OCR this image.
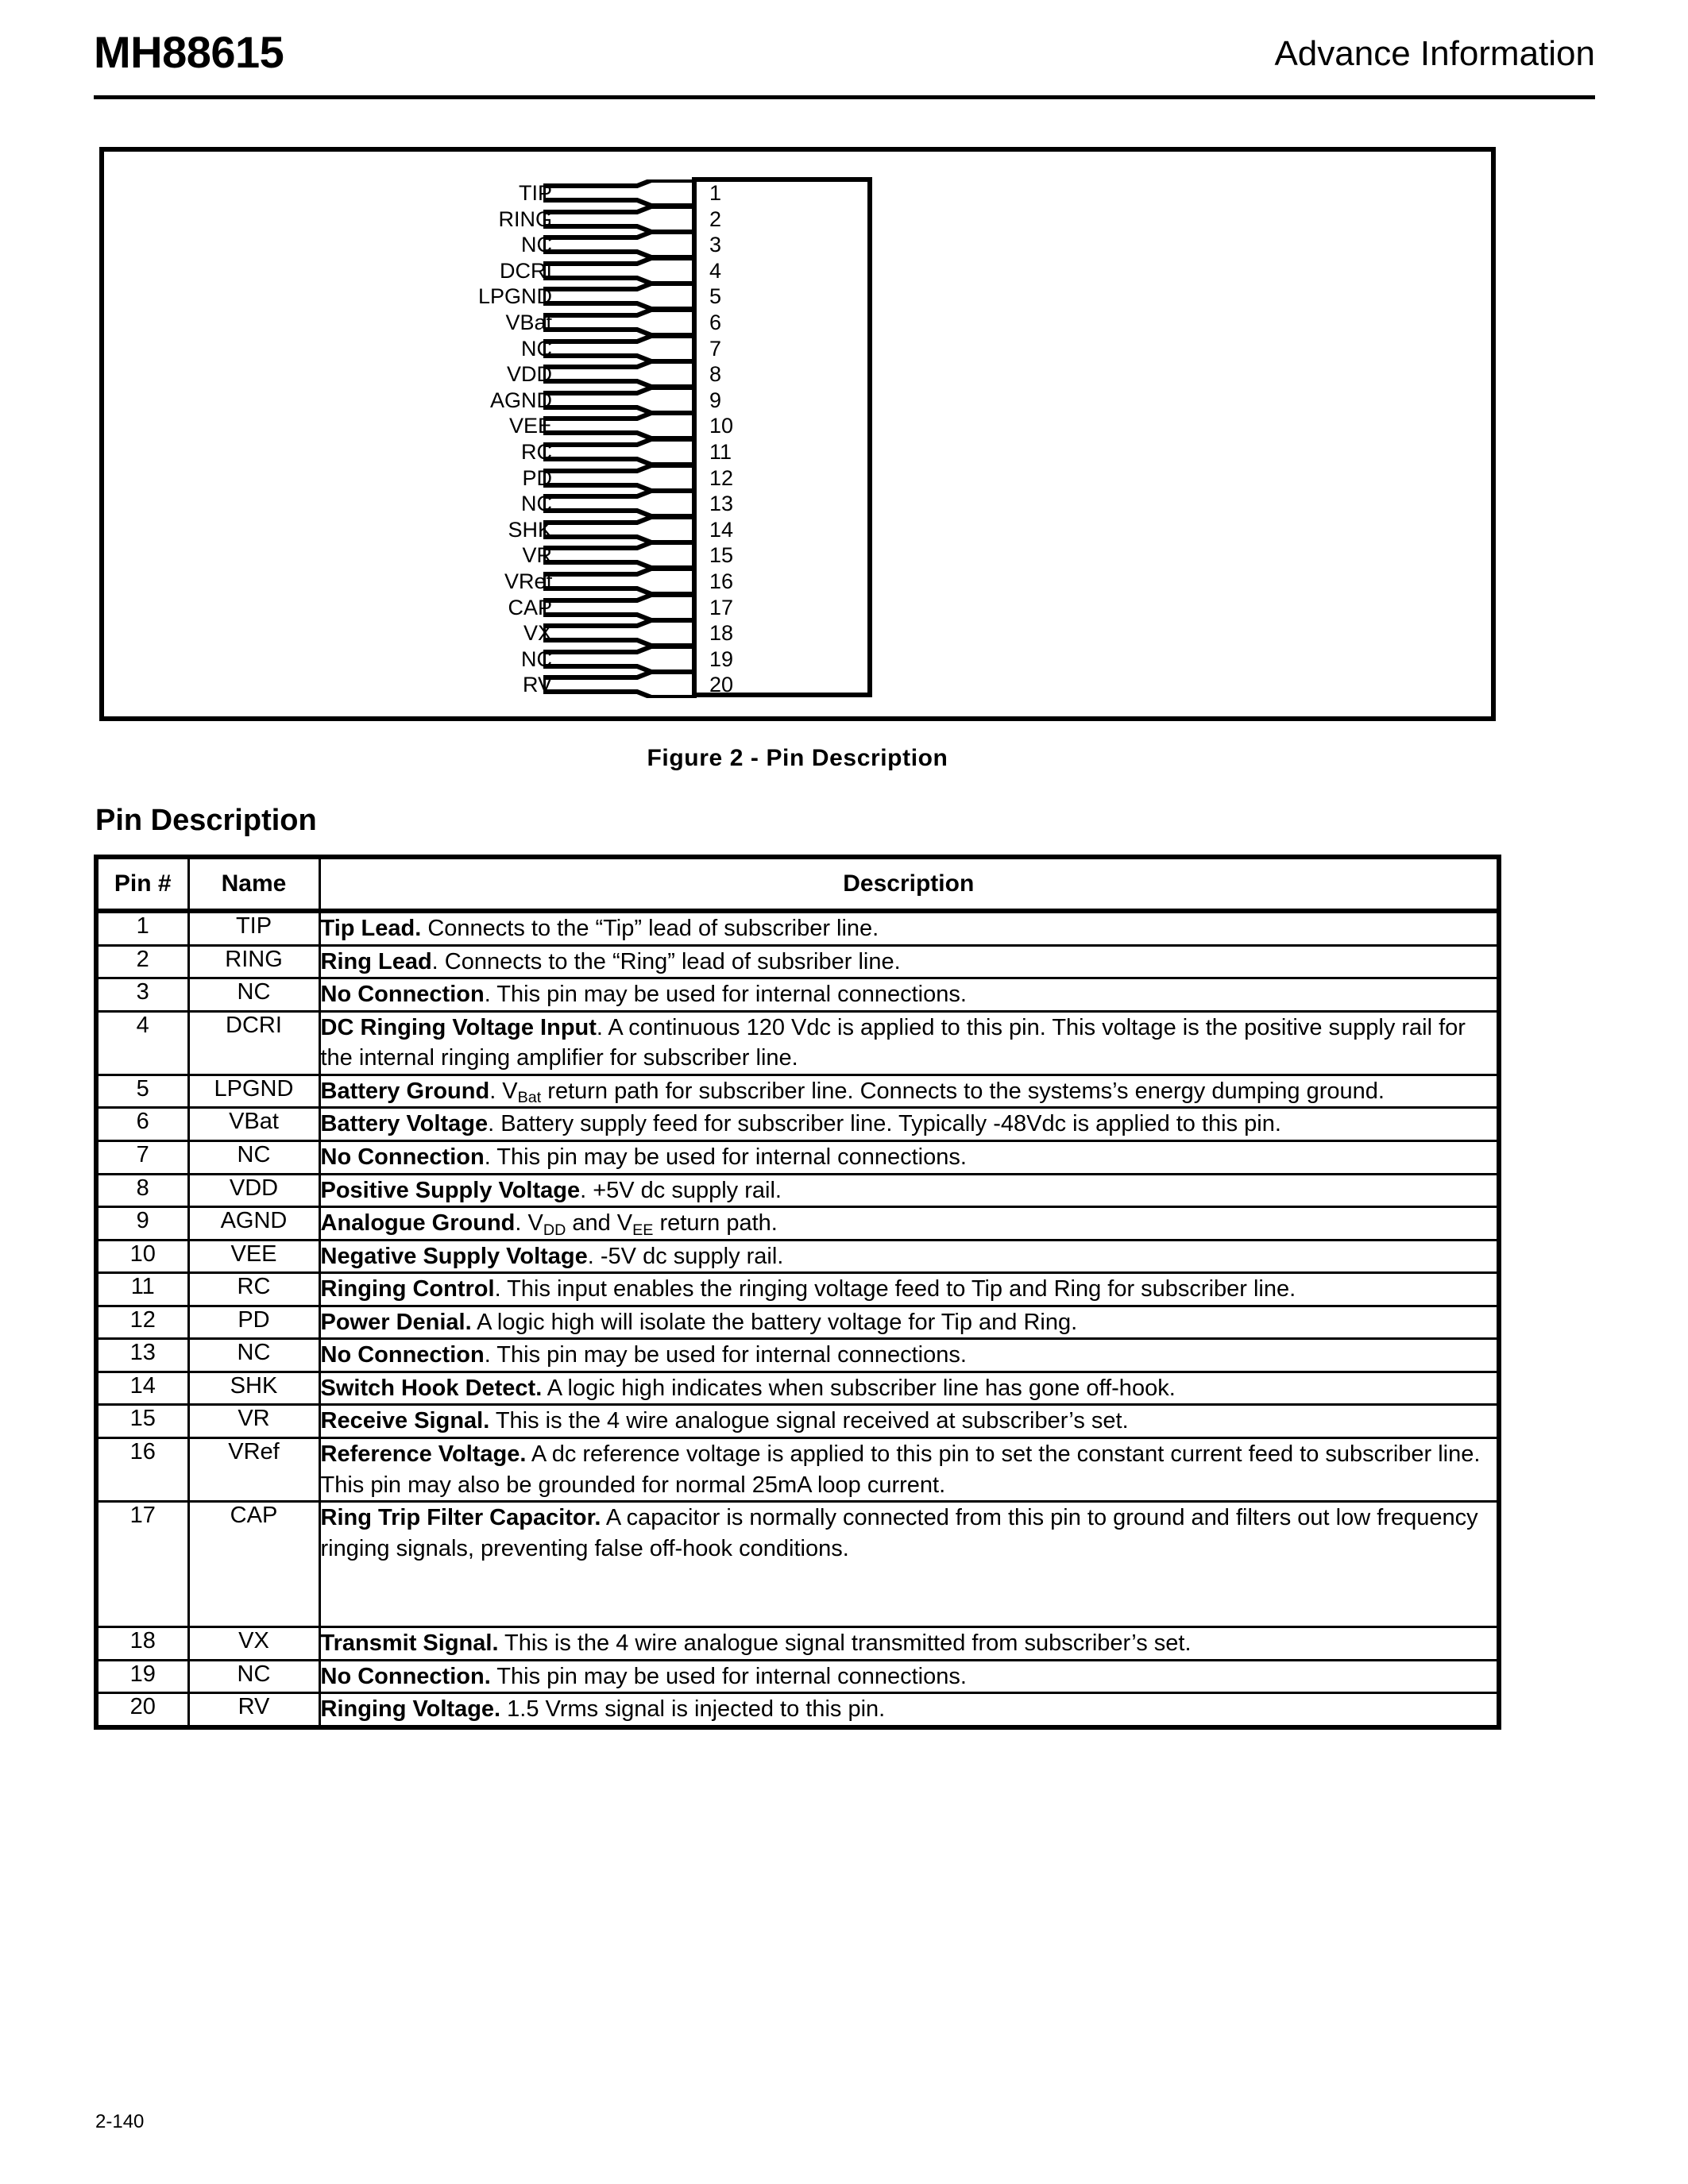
MH88615	Advance Information
TIP	1
RING	2
NC	3
DCRI	4
LPGND	5
VBat	6
NC	7
VDD	8
AGND	9
VEE	10
RC	11
PD	12
NC	13
SHK	14
VR	15
VRef	16
CAP	17
VX	18
NC	19
RV	20
Figure 2 - Pin Description
Pin Description
Pin #	Name	Description
1	TIP	Tip Lead. Connects to the “Tip” lead of subscriber line.
2	RING	Ring Lead. Connects to the “Ring” lead of subsriber line.
3	NC	No Connection. This pin may be used for internal connections.
4	DCRI	DC Ringing Voltage Input. A continuous 120 Vdc is applied to this pin. This voltage is the positive supply rail for the internal ringing amplifier for subscriber line.
5	LPGND	Battery Ground. $V_{Bat}$ return path for subscriber line. Connects to the systems’s energy dumping ground.
6	VBat	Battery Voltage. Battery supply feed for subscriber line. Typically -48Vdc is applied to this pin.
7	NC	No Connection. This pin may be used for internal connections.
8	VDD	Positive Supply Voltage. +5V dc supply rail.
9	AGND	Analogue Ground. $V_{DD}$ and $V_{EE}$ return path.
10	VEE	Negative Supply Voltage. -5V dc supply rail.
11	RC	Ringing Control. This input enables the ringing voltage feed to Tip and Ring for subscriber line.
12	PD	Power Denial. A logic high will isolate the battery voltage for Tip and Ring.
13	NC	No Connection. This pin may be used for internal connections.
14	SHK	Switch Hook Detect. A logic high indicates when subscriber line has gone off-hook.
15	VR	Receive Signal. This is the 4 wire analogue signal received at subscriber’s set.
16	VRef	Reference Voltage. A dc reference voltage is applied to this pin to set the constant current feed to subscriber line. This pin may also be grounded for normal 25mA loop current.
17	CAP	Ring Trip Filter Capacitor. A capacitor is normally connected from this pin to ground and filters out low frequency ringing signals, preventing false off-hook conditions.
18	VX	Transmit Signal. This is the 4 wire analogue signal transmitted from subscriber’s set.
19	NC	No Connection. This pin may be used for internal connections.
20	RV	Ringing Voltage. 1.5 Vrms signal is injected to this pin.
2-140
